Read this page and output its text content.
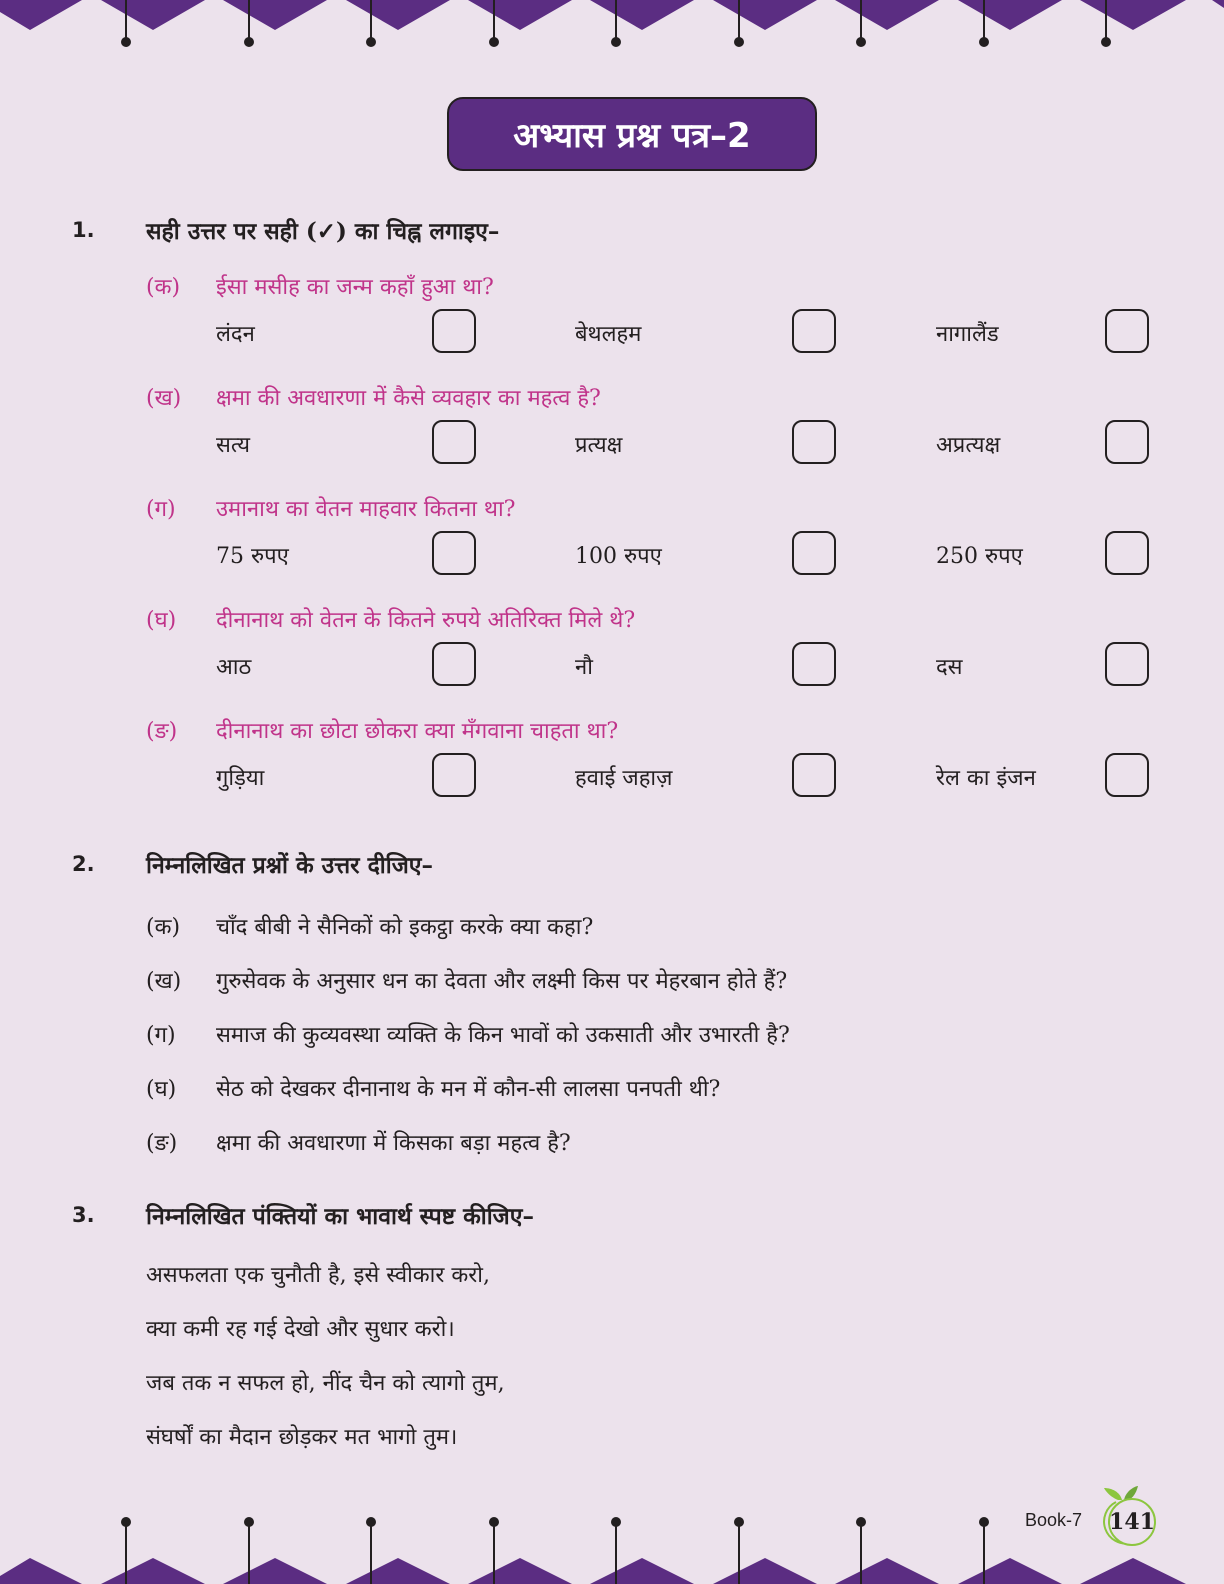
अभ्यास प्रश्न पत्र–2
1. सही उत्तर पर सही (✓) का चिह्न लगाइए–
(क) ईसा मसीह का जन्म कहाँ हुआ था?
लंदन	बेथलहम	नागालैंड
(ख) क्षमा की अवधारणा में कैसे व्यवहार का महत्व है?
सत्य	प्रत्यक्ष	अप्रत्यक्ष
(ग) उमानाथ का वेतन माहवार कितना था?
75 रुपए	100 रुपए	250 रुपए
(घ) दीनानाथ को वेतन के कितने रुपये अतिरिक्त मिले थे?
आठ	नौ	दस
(ङ) दीनानाथ का छोटा छोकरा क्या मँगवाना चाहता था?
गुड़िया	हवाई जहाज़	रेल का इंजन
2. निम्नलिखित प्रश्नों के उत्तर दीजिए–
(क) चाँद बीबी ने सैनिकों को इकट्ठा करके क्या कहा?
(ख) गुरुसेवक के अनुसार धन का देवता और लक्ष्मी किस पर मेहरबान होते हैं?
(ग) समाज की कुव्यवस्था व्यक्ति के किन भावों को उकसाती और उभारती है?
(घ) सेठ को देखकर दीनानाथ के मन में कौन-सी लालसा पनपती थी?
(ङ) क्षमा की अवधारणा में किसका बड़ा महत्व है?
3. निम्नलिखित पंक्तियों का भावार्थ स्पष्ट कीजिए–
असफलता एक चुनौती है, इसे स्वीकार करो,
क्या कमी रह गई देखो और सुधार करो।
जब तक न सफल हो, नींद चैन को त्यागो तुम,
संघर्षों का मैदान छोड़कर मत भागो तुम।
Book-7 141
